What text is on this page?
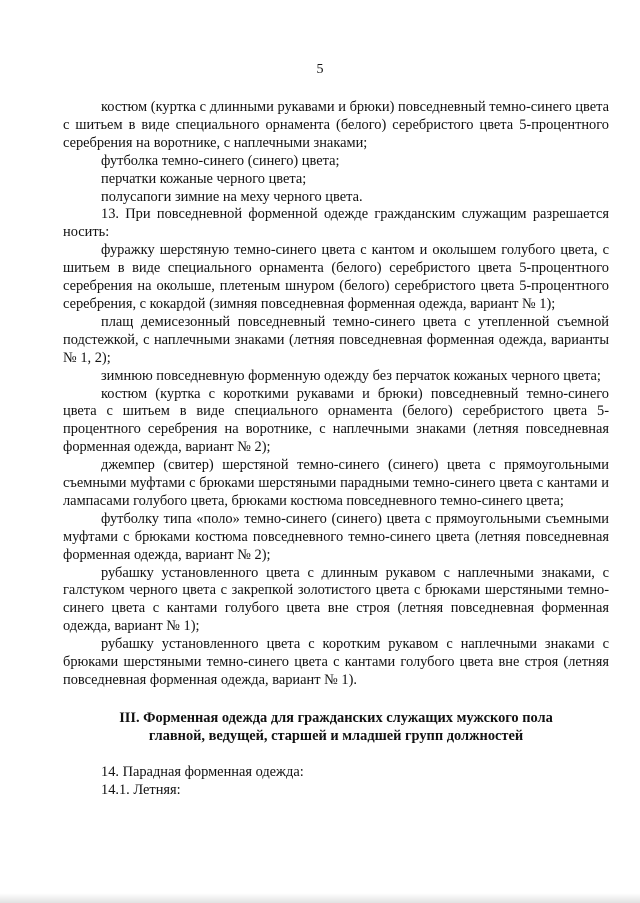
5

костюм (куртка с длинными рукавами и брюки) повседневный темно-синего цвета с шитьем в виде специального орнамента (белого) серебристого цвета 5-процентного серебрения на воротнике, с наплечными знаками;

футболка темно-синего (синего) цвета;

перчатки кожаные черного цвета;

полусапоги зимние на меху черного цвета.

13. При повседневной форменной одежде гражданским служащим разрешается носить:

фуражку шерстяную темно-синего цвета с кантом и околышем голубого цвета, с шитьем в виде специального орнамента (белого) серебристого цвета 5-процентного серебрения на околыше, плетеным шнуром (белого) серебристого цвета 5-процентного серебрения, с кокардой (зимняя повседневная форменная одежда, вариант № 1);

плащ демисезонный повседневный темно-синего цвета с утепленной съемной подстежкой, с наплечными знаками (летняя повседневная форменная одежда, варианты № 1, 2);

зимнюю повседневную форменную одежду без перчаток кожаных черного цвета;

костюм (куртка с короткими рукавами и брюки) повседневный темно-синего цвета с шитьем в виде специального орнамента (белого) серебристого цвета 5-процентного серебрения на воротнике, с наплечными знаками (летняя повседневная форменная одежда, вариант № 2);

джемпер (свитер) шерстяной темно-синего (синего) цвета с прямоугольными съемными муфтами с брюками шерстяными парадными темно-синего цвета с кантами и лампасами голубого цвета, брюками костюма повседневного темно-синего цвета;

футболку типа «поло» темно-синего (синего) цвета с прямоугольными съемными муфтами с брюками костюма повседневного темно-синего цвета (летняя повседневная форменная одежда, вариант № 2);

рубашку установленного цвета с длинным рукавом с наплечными знаками, с галстуком черного цвета с закрепкой золотистого цвета с брюками шерстяными темно-синего цвета с кантами голубого цвета вне строя (летняя повседневная форменная одежда, вариант № 1);

рубашку установленного цвета с коротким рукавом с наплечными знаками с брюками шерстяными темно-синего цвета с кантами голубого цвета вне строя (летняя повседневная форменная одежда, вариант № 1).

III. Форменная одежда для гражданских служащих мужского пола
главной, ведущей, старшей и младшей групп должностей

14. Парадная форменная одежда:

14.1. Летняя:
